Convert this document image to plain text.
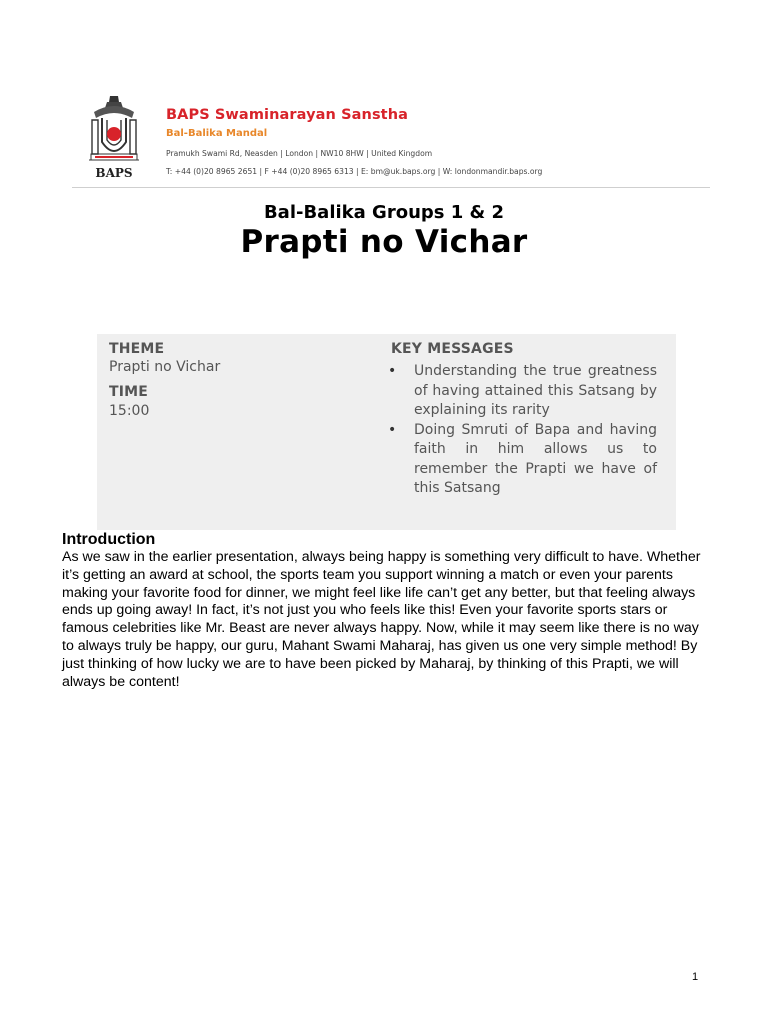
BAPS
BAPS Swaminarayan Sanstha
Bal-Balika Mandal
Pramukh Swami Rd, Neasden | London | NW10 8HW | United Kingdom
T: +44 (0)20 8965 2651 | F +44 (0)20 8965 6313 | E: bm@uk.baps.org | W: londonmandir.baps.org
Bal-Balika Groups 1 & 2
Prapti no Vichar
THEME
Prapti no Vichar
TIME
15:00
KEY MESSAGES
• Understanding the true greatness of having attained this Satsang by explaining its rarity
• Doing Smruti of Bapa and having faith in him allows us to remember the Prapti we have of this Satsang
Introduction
As we saw in the earlier presentation, always being happy is something very difficult to have. Whether it’s getting an award at school, the sports team you support winning a match or even your parents making your favorite food for dinner, we might feel like life can’t get any better, but that feeling always ends up going away! In fact, it’s not just you who feels like this! Even your favorite sports stars or famous celebrities like Mr. Beast are never always happy. Now, while it may seem like there is no way to always truly be happy, our guru, Mahant Swami Maharaj, has given us one very simple method! By just thinking of how lucky we are to have been picked by Maharaj, by thinking of this Prapti, we will always be content!
1
